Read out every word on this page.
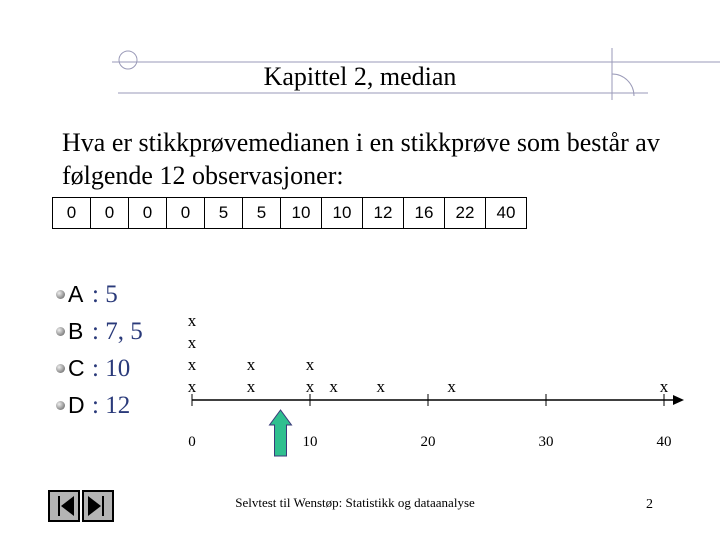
Kapittel 2, median
Hva er stikkprøvemedianen i en stikkprøve som består av følgende 12 observasjoner:
0	0	0	0	5	5	10	10	12	16	22	40
A : 5
B : 7, 5
C : 10
D : 12
0	10	20	30	40
x
x
x
x
x
x
x
x
x x	x	x
Selvtest til Wenstøp: Statistikk og dataanalyse	2
